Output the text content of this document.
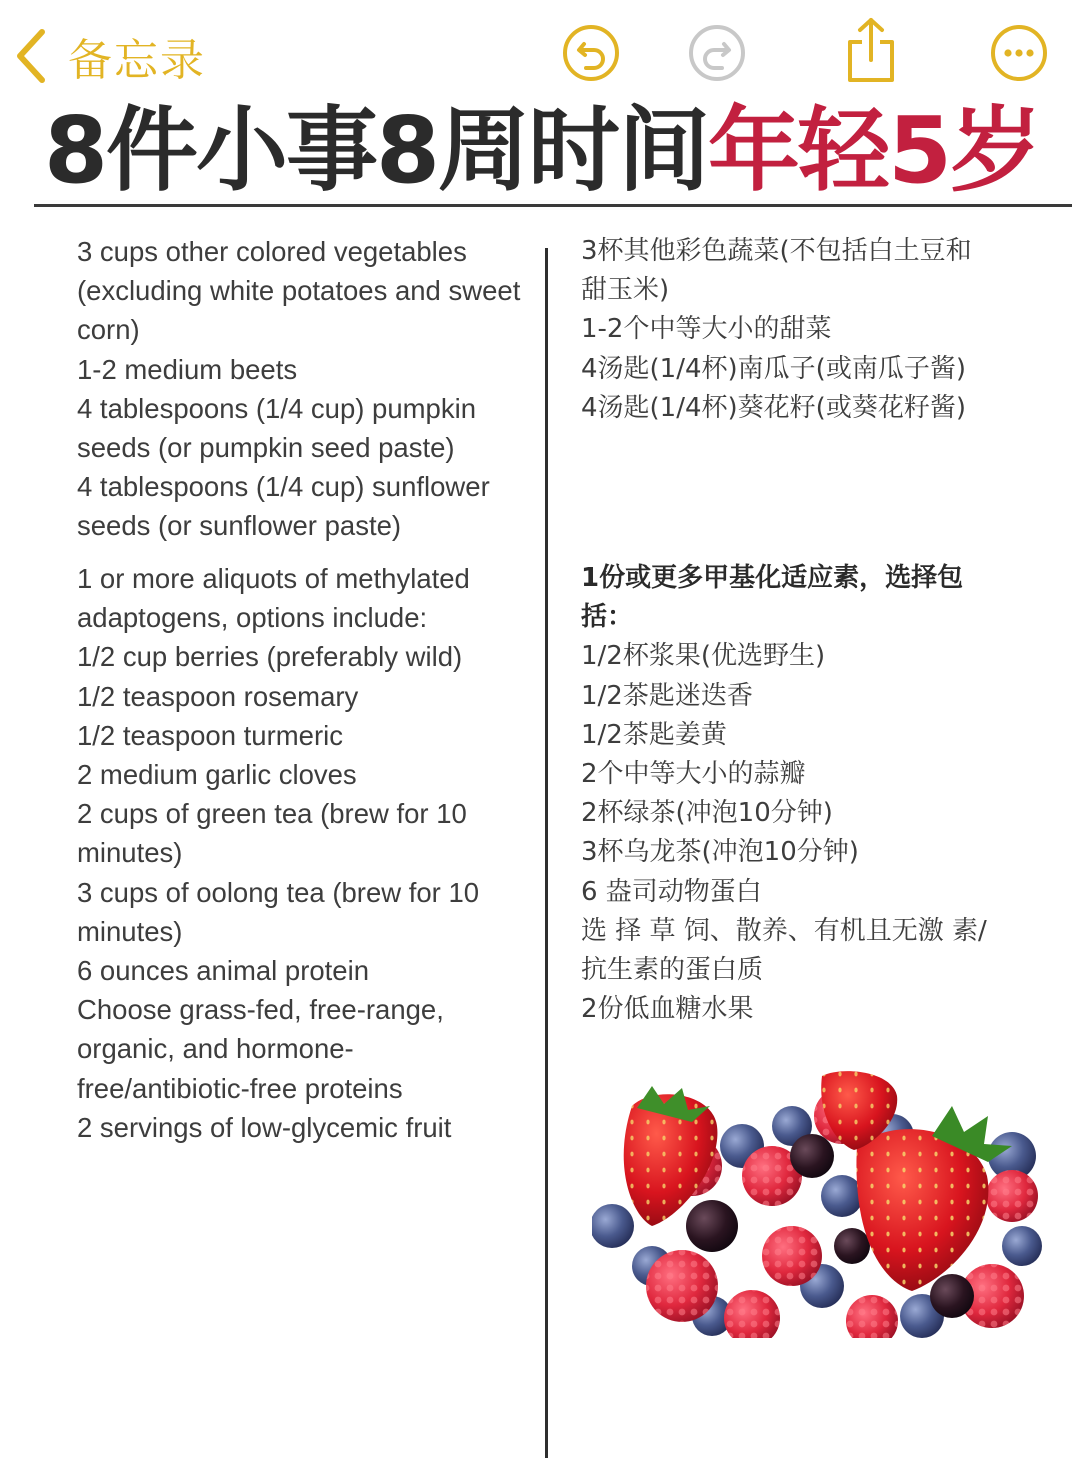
备忘录
8件小事8周时间年轻5岁
3 cups other colored vegetables
(excluding white potatoes and sweet
corn)
1-2 medium beets
4 tablespoons (1/4 cup) pumpkin
seeds (or pumpkin seed paste)
4 tablespoons (1/4 cup) sunflower
seeds (or sunflower paste)
1 or more aliquots of methylated
adaptogens, options include:
1/2 cup berries (preferably wild)
1/2 teaspoon rosemary
1/2 teaspoon turmeric
2 medium garlic cloves
2 cups of green tea (brew for 10
minutes)
3 cups of oolong tea (brew for 10
minutes)
6 ounces animal protein
Choose grass-fed, free-range,
organic, and hormone-
free/antibiotic-free proteins
2 servings of low-glycemic fruit
3杯其他彩色蔬菜(不包括白土豆和
甜玉米)
1-2个中等大小的甜菜
4汤匙(1/4杯)南瓜子(或南瓜子酱)
4汤匙(1/4杯)葵花籽(或葵花籽酱)
1份或更多甲基化适应素，选择包
括：
1/2杯浆果(优选野生)
1/2茶匙迷迭香
1/2茶匙姜黄
2个中等大小的蒜瓣
2杯绿茶(冲泡10分钟)
3杯乌龙茶(冲泡10分钟)
6 盎司动物蛋白
选 择 草 饲、散养、有机且无激 素/
抗生素的蛋白质
2份低血糖水果
